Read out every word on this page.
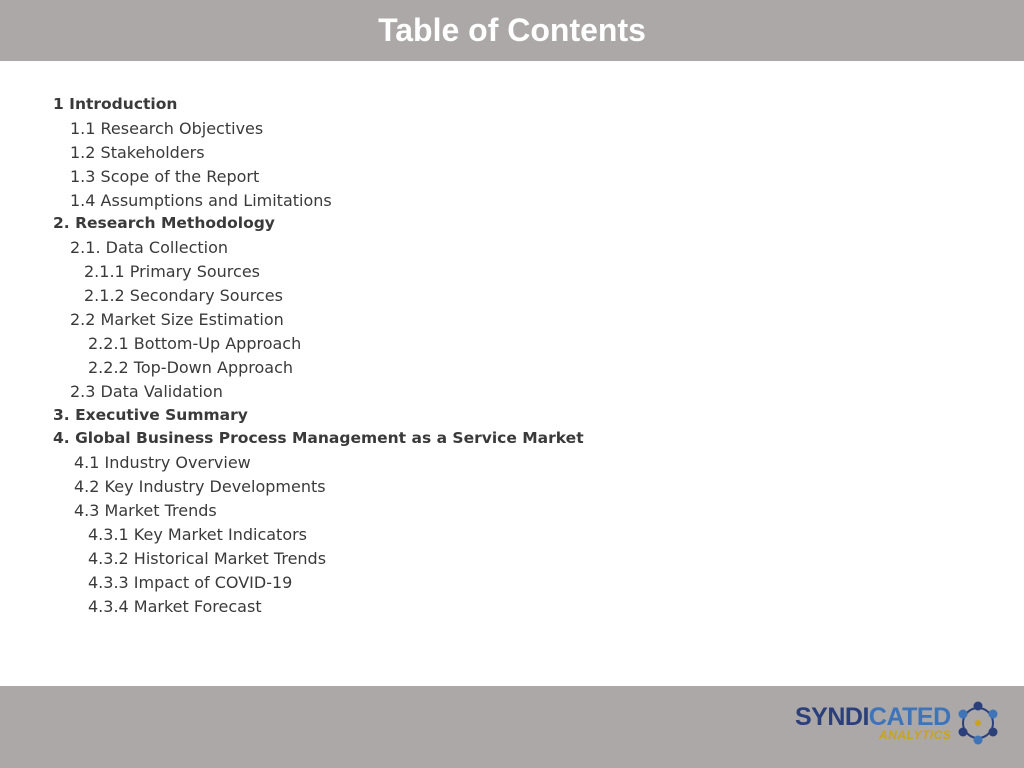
Table of Contents
1 Introduction
1.1 Research Objectives
1.2 Stakeholders
1.3 Scope of the Report
1.4 Assumptions and Limitations
2. Research Methodology
2.1. Data Collection
2.1.1 Primary Sources
2.1.2 Secondary Sources
2.2 Market Size Estimation
2.2.1 Bottom-Up Approach
2.2.2 Top-Down Approach
2.3 Data Validation
3. Executive Summary
4. Global Business Process Management as a Service Market
4.1 Industry Overview
4.2 Key Industry Developments
4.3 Market Trends
4.3.1 Key Market Indicators
4.3.2 Historical Market Trends
4.3.3 Impact of COVID-19
4.3.4 Market Forecast
SYNDICATED
ANALYTICS
